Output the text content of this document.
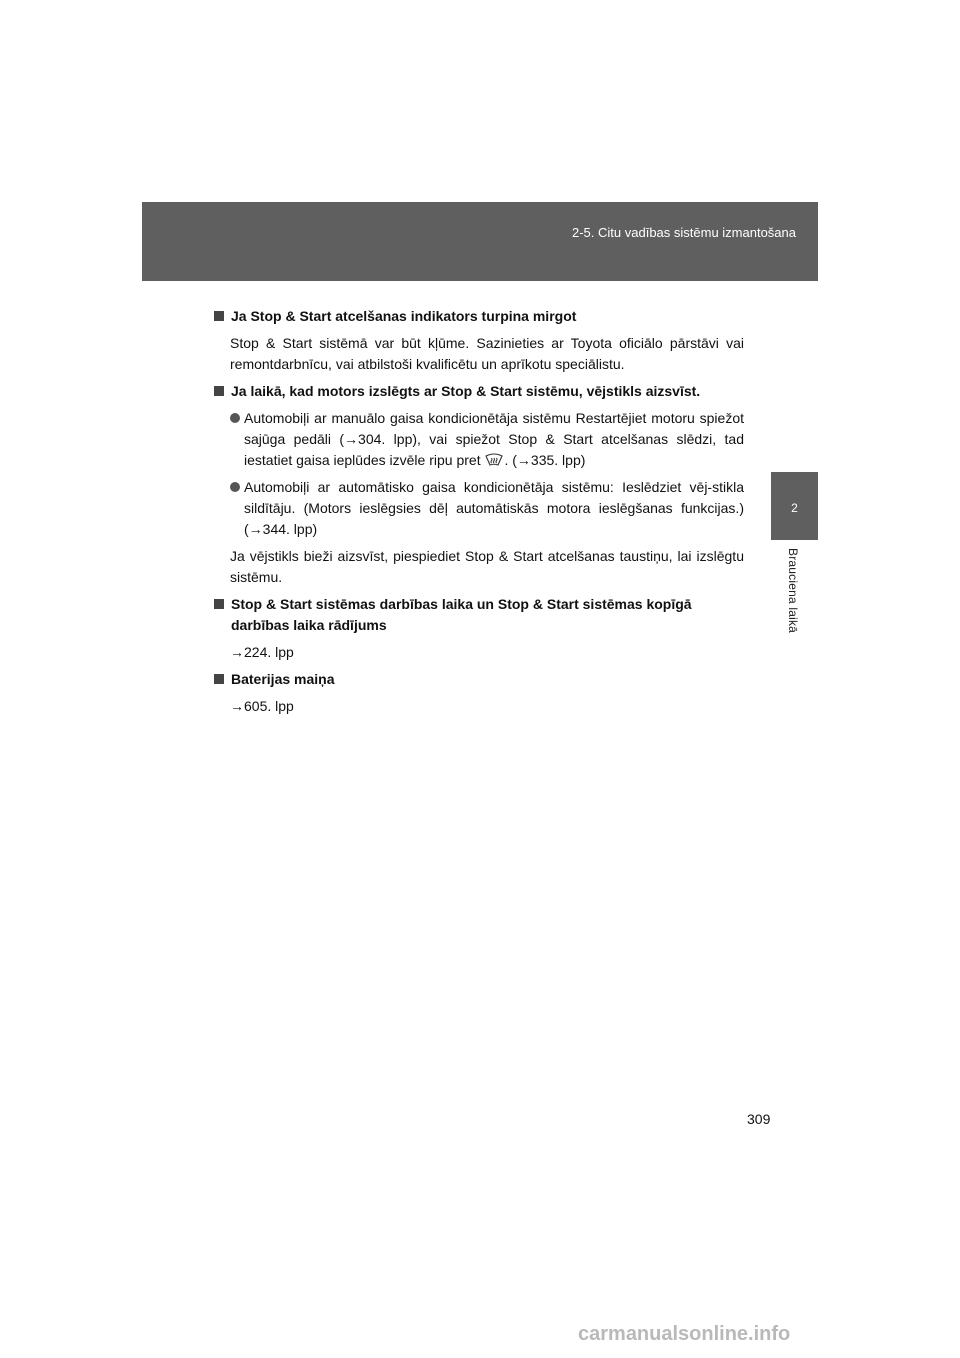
2-5. Citu vadības sistēmu izmantošana
2
Brauciena laikā
Ja Stop & Start atcelšanas indikators turpina mirgot
Stop & Start sistēmā var būt kļūme. Sazinieties ar Toyota oficiālo pārstāvi vai remontdarbnīcu, vai atbilstoši kvalificētu un aprīkotu speciālistu.
Ja laikā, kad motors izslēgts ar Stop & Start sistēmu, vējstikls aizsvīst.
Automobiļi ar manuālo gaisa kondicionētāja sistēmu Restartējiet motoru spiežot sajūga pedāli (→304. lpp), vai spiežot Stop & Start atcelšanas slēdzi, tad iestatiet gaisa ieplūdes izvēle ripu pret . (→335. lpp)
Automobiļi ar automātisko gaisa kondicionētāja sistēmu: Ieslēdziet vēj-stikla sildītāju. (Motors ieslēgsies dēļ automātiskās motora ieslēgšanas funkcijas.) (→344. lpp)
Ja vējstikls bieži aizsvīst, piespiediet Stop & Start atcelšanas taustiņu, lai izslēgtu sistēmu.
Stop & Start sistēmas darbības laika un Stop & Start sistēmas kopīgā darbības laika rādījums
→224. lpp
Baterijas maiņa
→605. lpp
309
carmanualsonline.info
